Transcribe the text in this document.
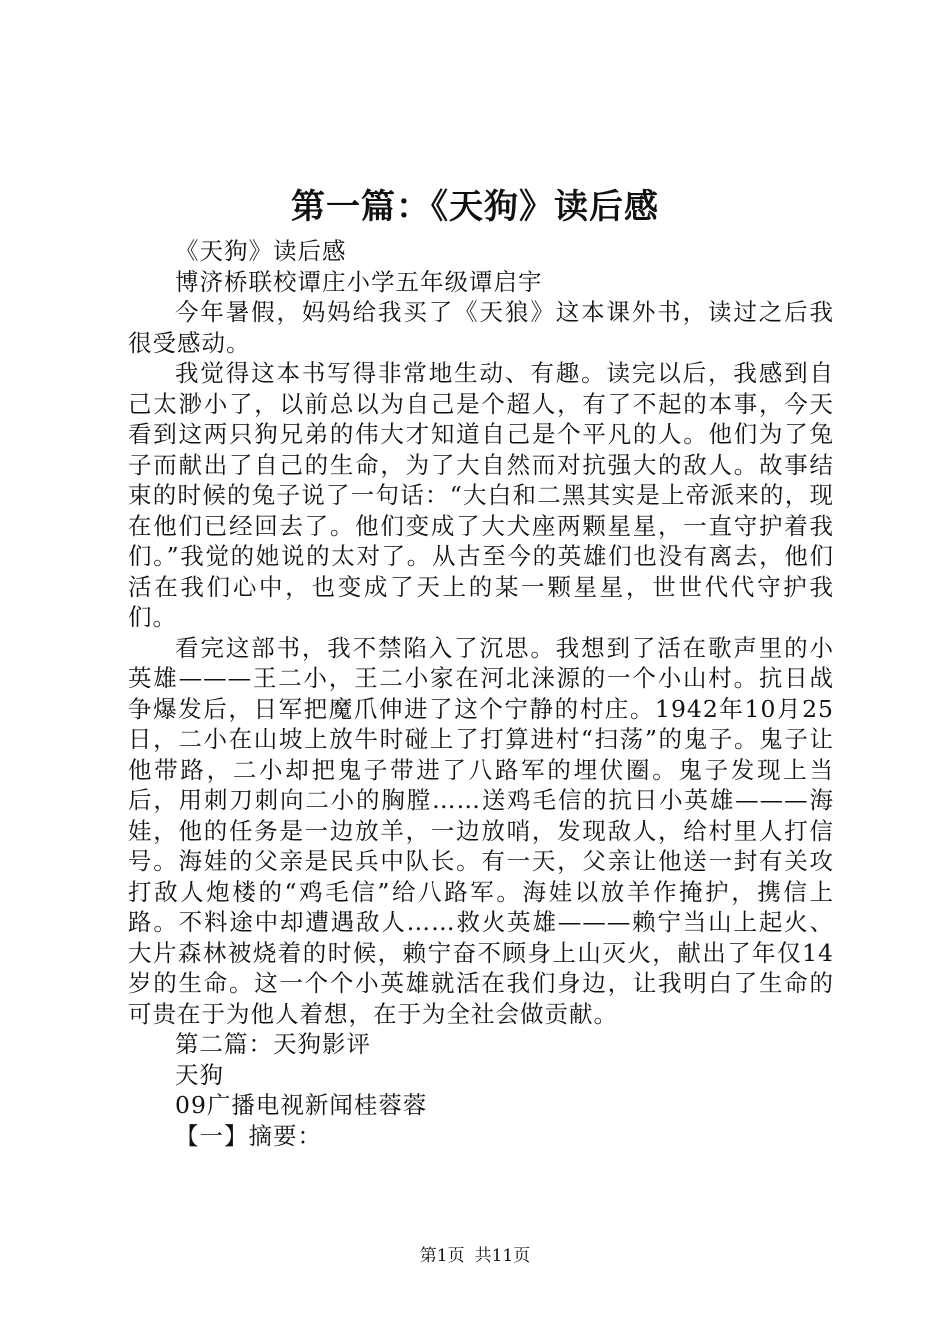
第一篇：《天狗》读后感

《天狗》读后感

博济桥联校谭庄小学五年级谭启宇

今年暑假，妈妈给我买了《天狼》这本课外书，读过之后我很受感动。

我觉得这本书写得非常地生动、有趣。读完以后，我感到自己太渺小了，以前总以为自己是个超人，有了不起的本事，今天看到这两只狗兄弟的伟大才知道自己是个平凡的人。他们为了兔子而献出了自己的生命，为了大自然而对抗强大的敌人。故事结束的时候的兔子说了一句话：“大白和二黑其实是上帝派来的，现在他们已经回去了。他们变成了大犬座两颗星星，一直守护着我们。”我觉的她说的太对了。从古至今的英雄们也没有离去，他们活在我们心中，也变成了天上的某一颗星星，世世代代守护我们。

看完这部书，我不禁陷入了沉思。我想到了活在歌声里的小英雄———王二小，王二小家在河北涞源的一个小山村。抗日战争爆发后，日军把魔爪伸进了这个宁静的村庄。1942年10月25日，二小在山坡上放牛时碰上了打算进村“扫荡”的鬼子。鬼子让他带路，二小却把鬼子带进了八路军的埋伏圈。鬼子发现上当后，用刺刀刺向二小的胸膛……送鸡毛信的抗日小英雄———海娃，他的任务是一边放羊，一边放哨，发现敌人，给村里人打信号。海娃的父亲是民兵中队长。有一天，父亲让他送一封有关攻打敌人炮楼的“鸡毛信”给八路军。海娃以放羊作掩护，携信上路。不料途中却遭遇敌人……救火英雄———赖宁当山上起火、大片森林被烧着的时候，赖宁奋不顾身上山灭火，献出了年仅14岁的生命。这一个个小英雄就活在我们身边，让我明白了生命的可贵在于为他人着想，在于为全社会做贡献。

第二篇：天狗影评

天狗

09广播电视新闻桂蓉蓉

【一】摘要：

第1页 共11页
